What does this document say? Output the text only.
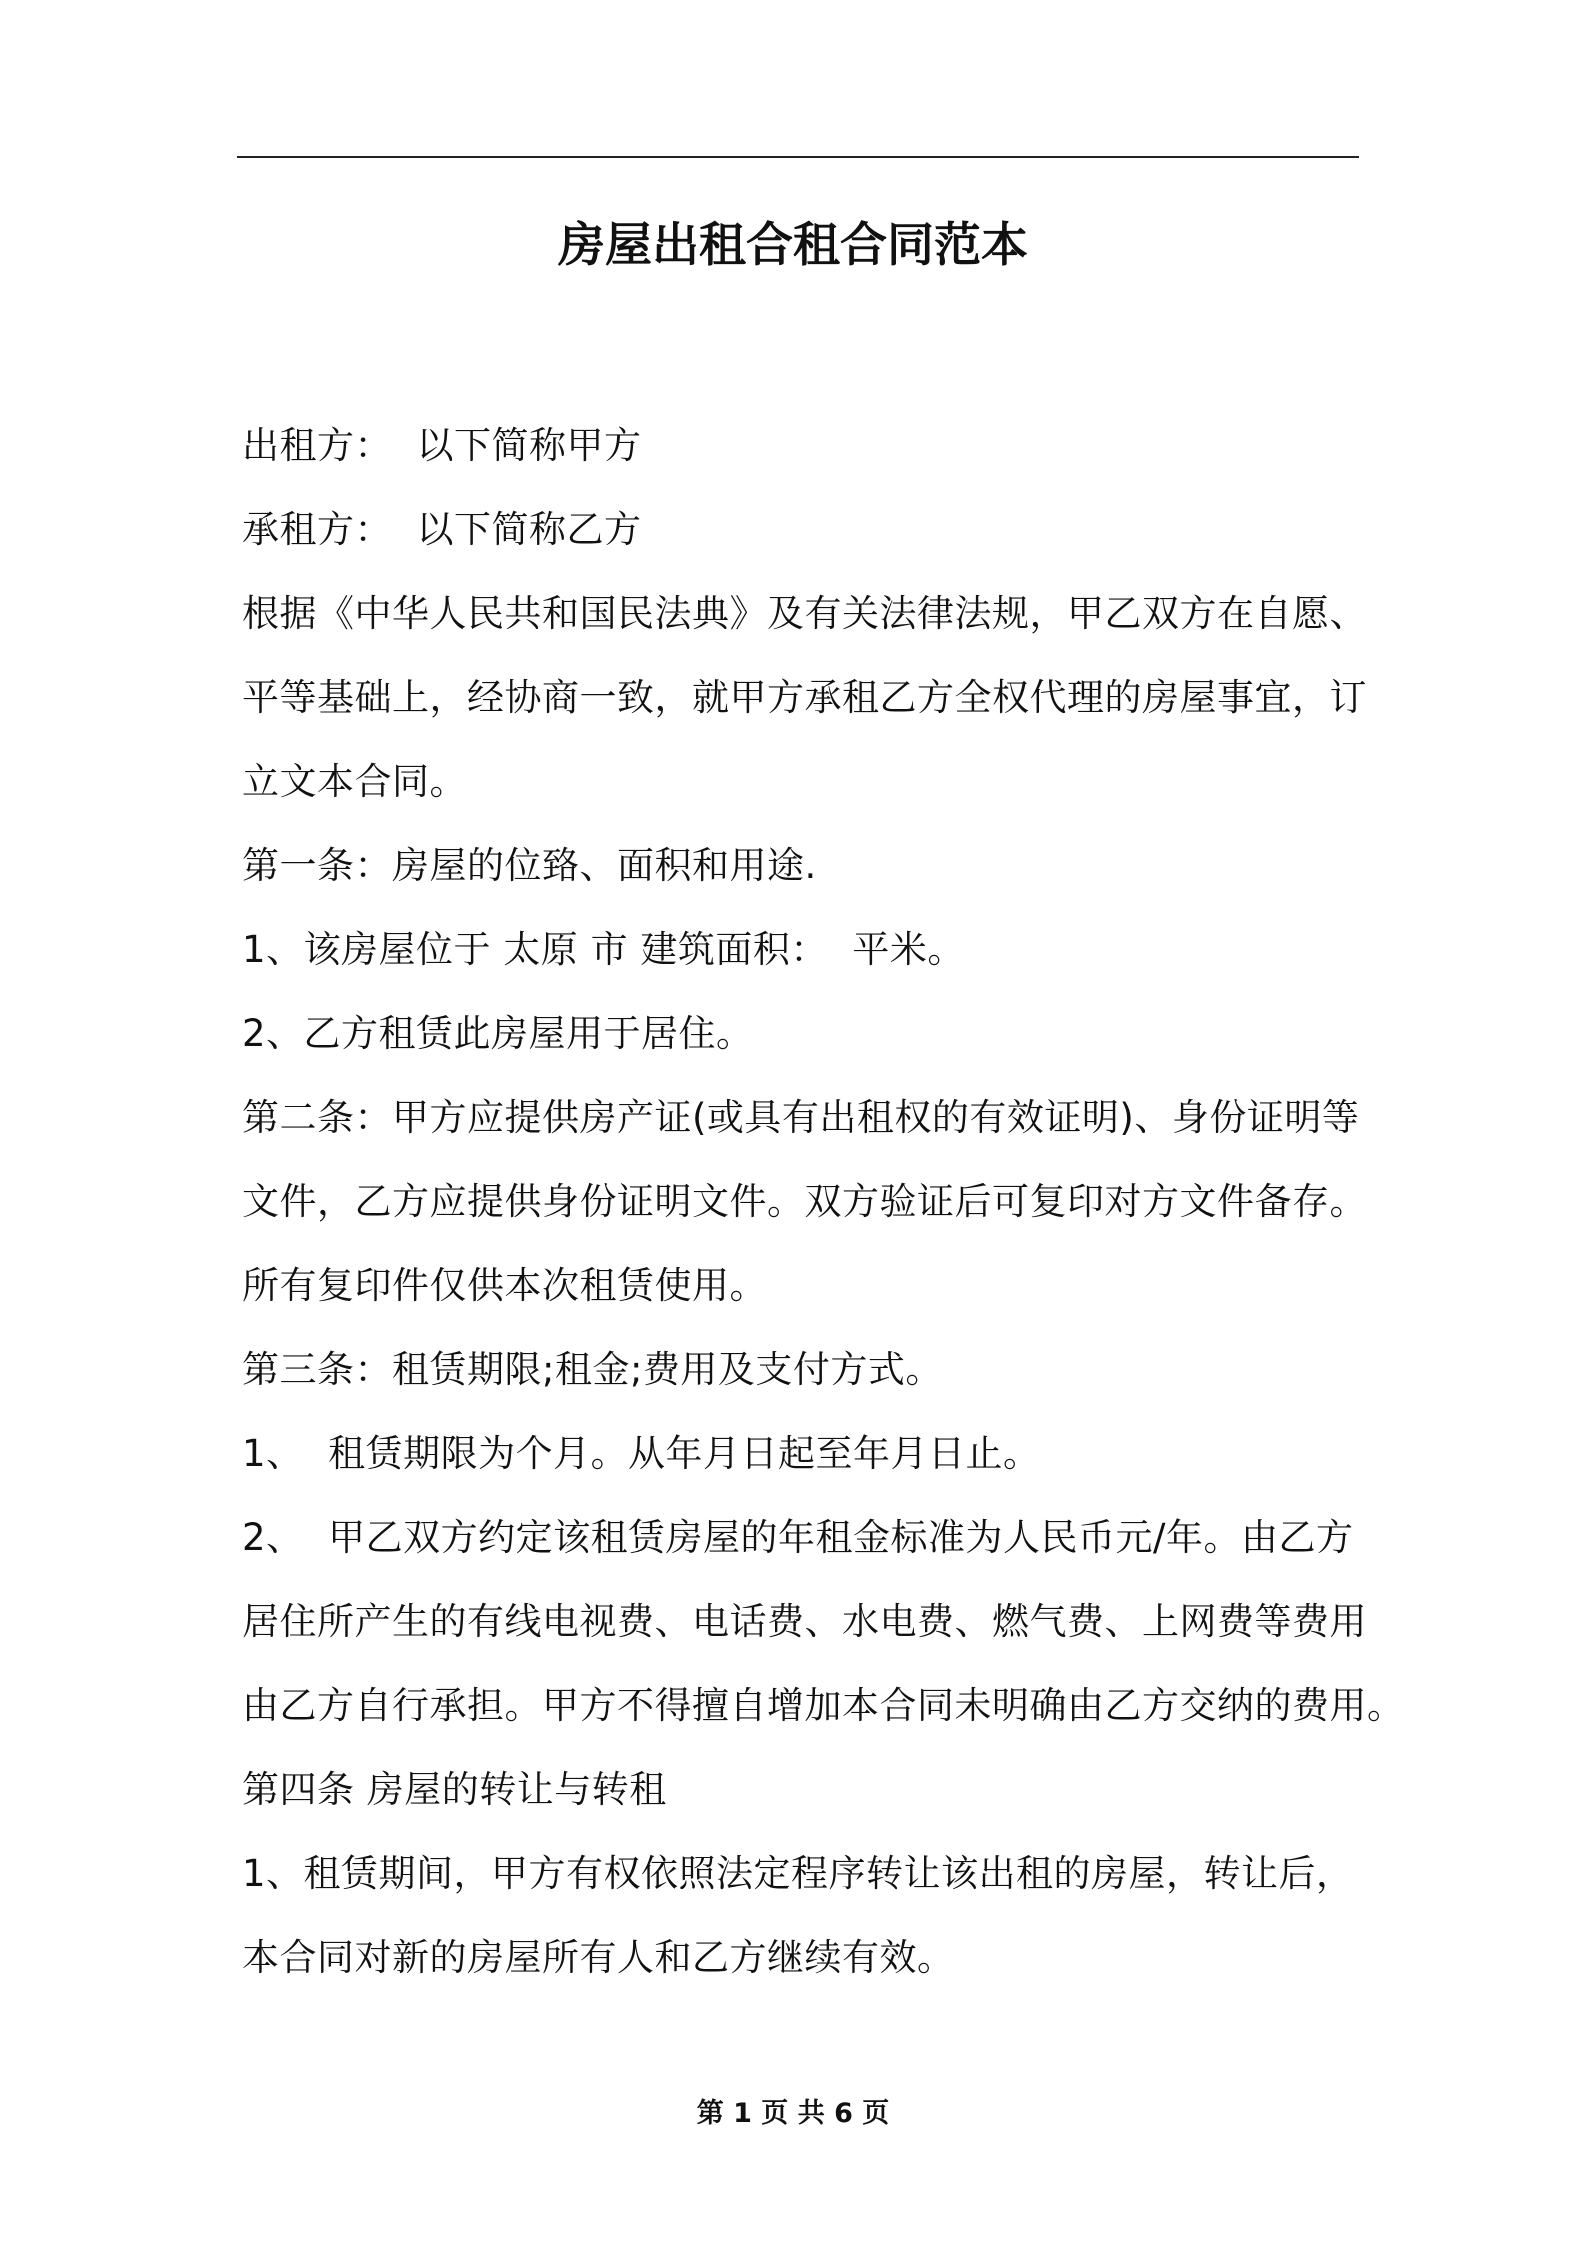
房屋出租合租合同范本
出租方：  以下简称甲方
承租方：  以下简称乙方
根据《中华人民共和国民法典》及有关法律法规，甲乙双方在自愿、
平等基础上，经协商一致，就甲方承租乙方全权代理的房屋事宜，订
立文本合同。
第一条：房屋的位臵、面积和用途.
1、该房屋位于 太原 市 建筑面积：  平米。
2、乙方租赁此房屋用于居住。
第二条：甲方应提供房产证(或具有出租权的有效证明)、身份证明等
文件，乙方应提供身份证明文件。双方验证后可复印对方文件备存。
所有复印件仅供本次租赁使用。
第三条：租赁期限;租金;费用及支付方式。
1、  租赁期限为个月。从年月日起至年月日止。
2、  甲乙双方约定该租赁房屋的年租金标准为人民币元/年。由乙方
居住所产生的有线电视费、电话费、水电费、燃气费、上网费等费用
由乙方自行承担。甲方不得擅自增加本合同未明确由乙方交纳的费用。
第四条 房屋的转让与转租
1、租赁期间，甲方有权依照法定程序转让该出租的房屋，转让后，
本合同对新的房屋所有人和乙方继续有效。
第 1 页 共 6 页
